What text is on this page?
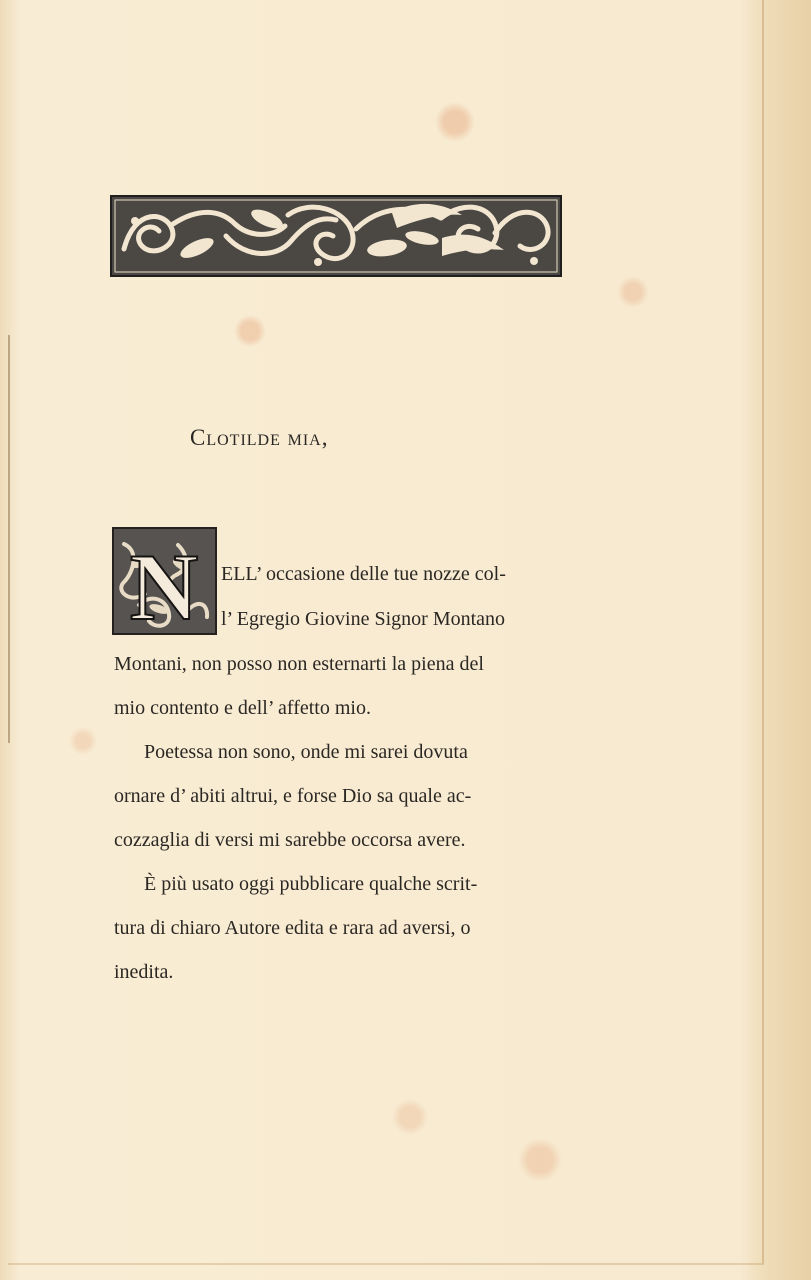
Clotilde mia,
N ELL’ occasione delle tue nozze col-
l’ Egregio Giovine Signor Montano
Montani, non posso non esternarti la piena del
mio contento e dell’ affetto mio.
Poetessa non sono, onde mi sarei dovuta
ornare d’ abiti altrui, e forse Dio sa quale ac-
cozzaglia di versi mi sarebbe occorsa avere.
È più usato oggi pubblicare qualche scrit-
tura di chiaro Autore edita e rara ad aversi, o
inedita.
